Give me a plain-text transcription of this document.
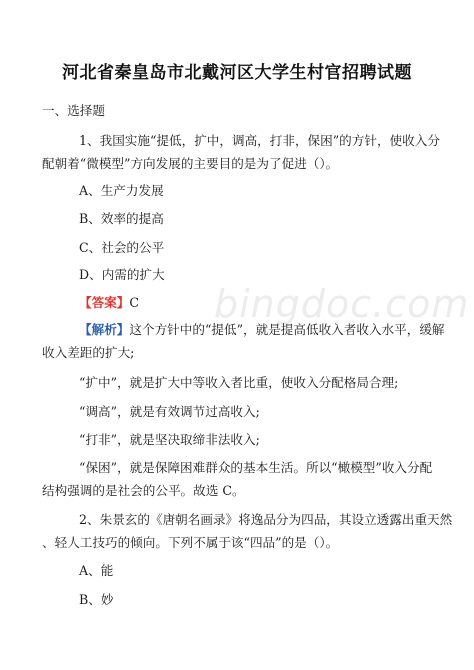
bingdoc.com
河北省秦皇岛市北戴河区大学生村官招聘试题
一、选择题
1、我国实施“提低，扩中，调高，打非，保困”的方针，使收入分
配朝着“微模型”方向发展的主要目的是为了促进（）。
A、生产力发展
B、效率的提高
C、社会的公平
D、内需的扩大
【答案】C
【解析】这个方针中的“提低”，就是提高低收入者收入水平，缓解
收入差距的扩大;
“扩中”，就是扩大中等收入者比重，使收入分配格局合理;
“调高”，就是有效调节过高收入;
“打非”，就是坚决取缔非法收入;
“保困”，就是保障困难群众的基本生活。所以“橄模型”收入分配
结构强调的是社会的公平。故选 C。
2、朱景玄的《唐朝名画录》将逸品分为四品，其设立透露出重天然
、轻人工技巧的倾向。下列不属于该“四品”的是（）。
A、能
B、妙
